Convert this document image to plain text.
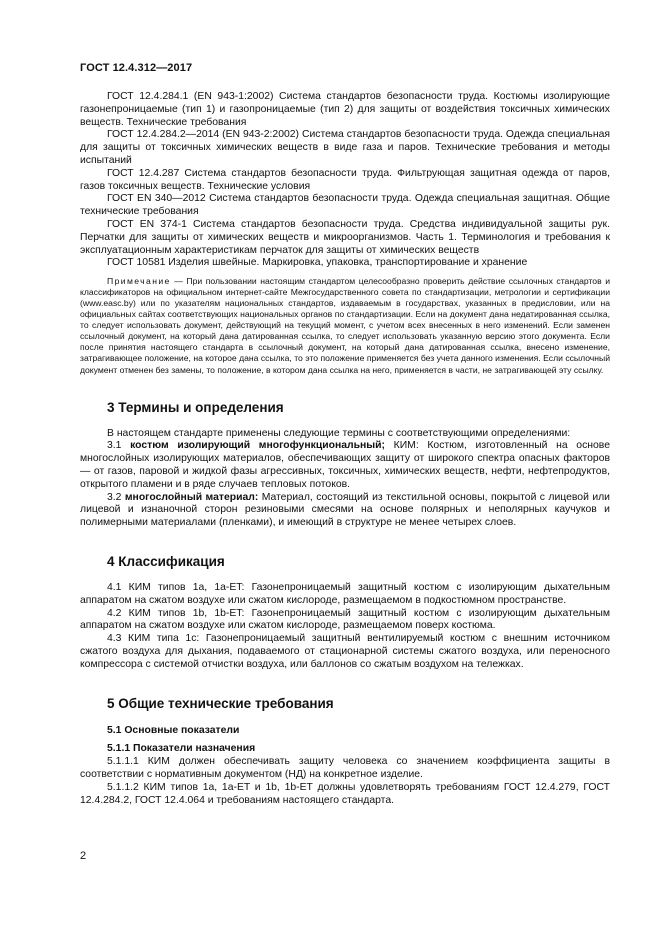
ГОСТ 12.4.312—2017

ГОСТ 12.4.284.1 (EN 943-1:2002) Система стандартов безопасности труда. Костюмы изолирующие газонепроницаемые (тип 1) и газопроницаемые (тип 2) для защиты от воздействия токсичных химических веществ. Технические требования

ГОСТ 12.4.284.2—2014 (EN 943-2:2002) Система стандартов безопасности труда. Одежда специальная для защиты от токсичных химических веществ в виде газа и паров. Технические требования и методы испытаний

ГОСТ 12.4.287 Система стандартов безопасности труда. Фильтрующая защитная одежда от паров, газов токсичных веществ. Технические условия

ГОСТ EN 340—2012 Система стандартов безопасности труда. Одежда специальная защитная. Общие технические требования

ГОСТ EN 374-1 Система стандартов безопасности труда. Средства индивидуальной защиты рук. Перчатки для защиты от химических веществ и микроорганизмов. Часть 1. Терминология и требования к эксплуатационным характеристикам перчаток для защиты от химических веществ

ГОСТ 10581 Изделия швейные. Маркировка, упаковка, транспортирование и хранение

Примечание — При пользовании настоящим стандартом целесообразно проверить действие ссылочных стандартов и классификаторов на официальном интернет-сайте Межгосударственного совета по стандартизации, метрологии и сертификации (www.easc.by) или по указателям национальных стандартов, издаваемым в государствах, указанных в предисловии, или на официальных сайтах соответствующих национальных органов по стандартизации. Если на документ дана недатированная ссылка, то следует использовать документ, действующий на текущий момент, с учетом всех внесенных в него изменений. Если заменен ссылочный документ, на который дана датированная ссылка, то следует использовать указанную версию этого документа. Если после принятия настоящего стандарта в ссылочный документ, на который дана датированная ссылка, внесено изменение, затрагивающее положение, на которое дана ссылка, то это положение применяется без учета данного изменения. Если ссылочный документ отменен без замены, то положение, в котором дана ссылка на него, применяется в части, не затрагивающей эту ссылку.

3 Термины и определения

В настоящем стандарте применены следующие термины с соответствующими определениями:

3.1 костюм изолирующий многофункциональный; КИМ: Костюм, изготовленный на основе многослойных изолирующих материалов, обеспечивающих защиту от широкого спектра опасных факторов — от газов, паровой и жидкой фазы агрессивных, токсичных, химических веществ, нефти, нефтепродуктов, открытого пламени и в ряде случаев тепловых потоков.

3.2 многослойный материал: Материал, состоящий из текстильной основы, покрытой с лицевой или лицевой и изнаночной сторон резиновыми смесями на основе полярных и неполярных каучуков и полимерными материалами (пленками), и имеющий в структуре не менее четырех слоев.

4 Классификация

4.1 КИМ типов 1a, 1a-ET: Газонепроницаемый защитный костюм с изолирующим дыхательным аппаратом на сжатом воздухе или сжатом кислороде, размещаемом в подкостюмном пространстве.

4.2 КИМ типов 1b, 1b-ET: Газонепроницаемый защитный костюм с изолирующим дыхательным аппаратом на сжатом воздухе или сжатом кислороде, размещаемом поверх костюма.

4.3 КИМ типа 1c: Газонепроницаемый защитный вентилируемый костюм с внешним источником сжатого воздуха для дыхания, подаваемого от стационарной системы сжатого воздуха, или переносного компрессора с системой отчистки воздуха, или баллонов со сжатым воздухом на тележках.

5 Общие технические требования
5.1 Основные показатели
5.1.1 Показатели назначения

5.1.1.1 КИМ должен обеспечивать защиту человека со значением коэффициента защиты в соответствии с нормативным документом (НД) на конкретное изделие.

5.1.1.2 КИМ типов 1a, 1a-ET и 1b, 1b-ET должны удовлетворять требованиям ГОСТ 12.4.279, ГОСТ 12.4.284.2, ГОСТ 12.4.064 и требованиям настоящего стандарта.

2
